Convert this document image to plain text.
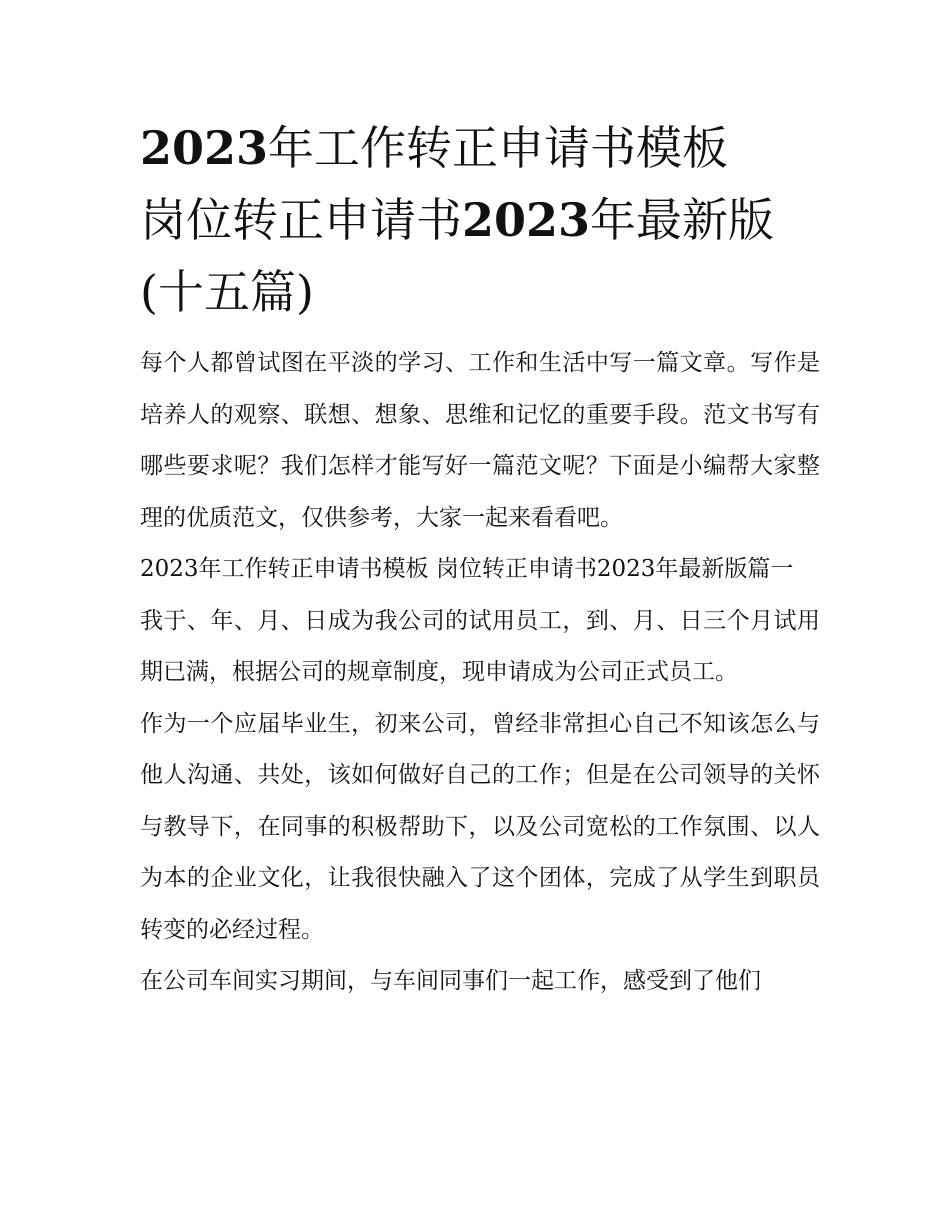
2023年工作转正申请书模板
岗位转正申请书2023年最新版
(十五篇)

每个人都曾试图在平淡的学习、工作和生活中写一篇文章。写作是培养人的观察、联想、想象、思维和记忆的重要手段。范文书写有哪些要求呢？我们怎样才能写好一篇范文呢？下面是小编帮大家整理的优质范文，仅供参考，大家一起来看看吧。

2023年工作转正申请书模板 岗位转正申请书2023年最新版篇一

我于、年、月、日成为我公司的试用员工，到、月、日三个月试用期已满，根据公司的规章制度，现申请成为公司正式员工。

作为一个应届毕业生，初来公司，曾经非常担心自己不知该怎么与他人沟通、共处，该如何做好自己的工作；但是在公司领导的关怀与教导下，在同事的积极帮助下，以及公司宽松的工作氛围、以人为本的企业文化，让我很快融入了这个团体，完成了从学生到职员转变的必经过程。

在公司车间实习期间，与车间同事们一起工作，感受到了他们
